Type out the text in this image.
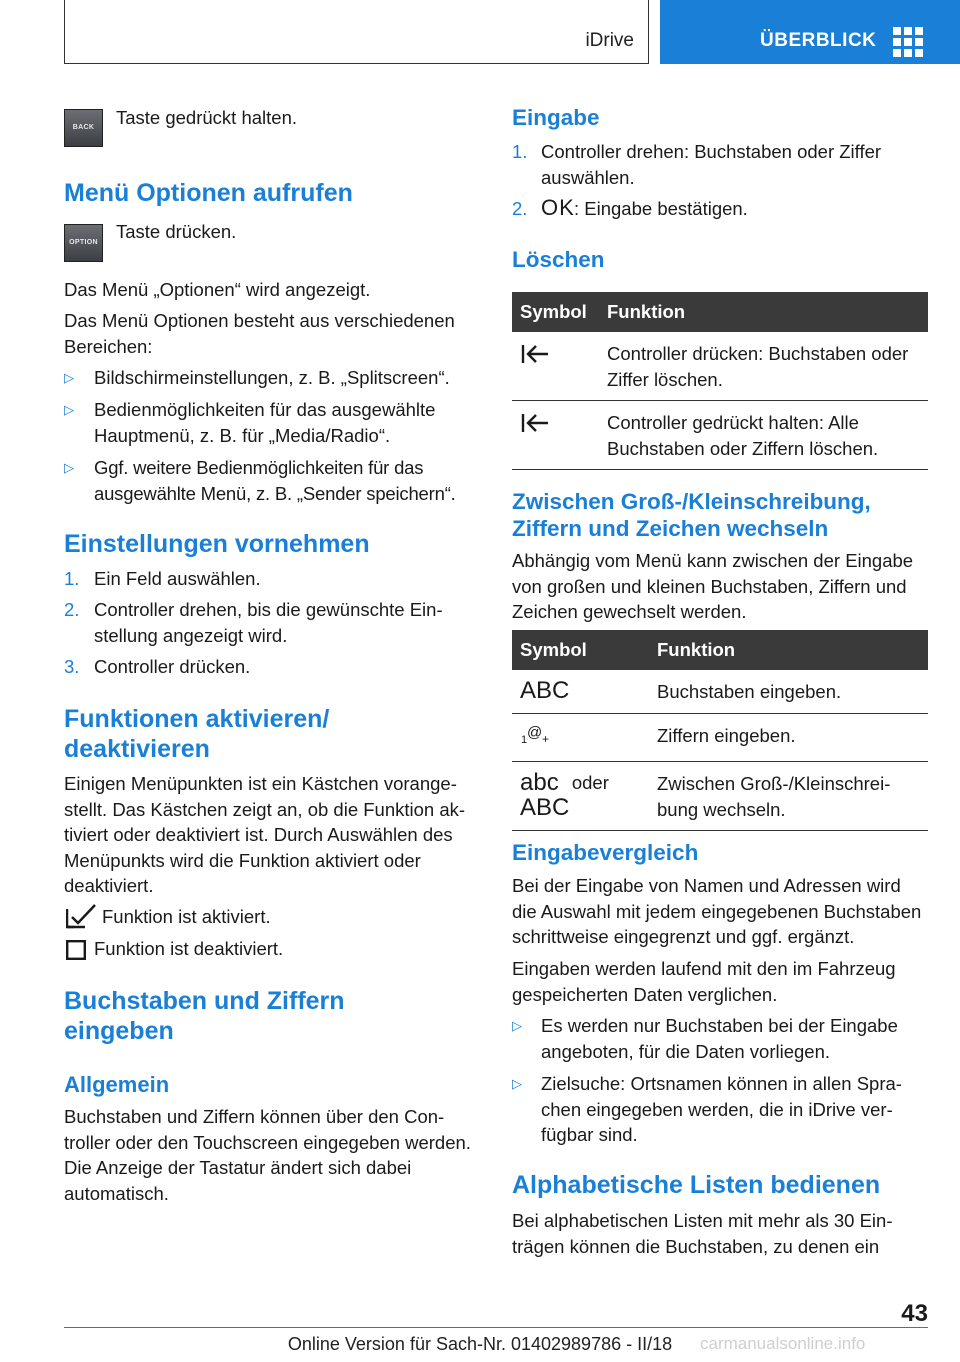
iDrive	ÜBERBLICK
BACK	Taste gedrückt halten.
Menü Optionen aufrufen
OPTION
Taste drücken.
Das Menü „Optionen“ wird angezeigt.
Das Menü Optionen besteht aus verschiedenen Bereichen:
▷ Bildschirmeinstellungen, z. B. „Splitscreen“.
▷ Bedienmöglichkeiten für das ausgewählte Hauptmenü, z. B. für „Media/Radio“.
▷ Ggf. weitere Bedienmöglichkeiten für das ausgewählte Menü, z. B. „Sender speichern“.
Einstellungen vornehmen
1. Ein Feld auswählen.
2. Controller drehen, bis die gewünschte Einstellung angezeigt wird.
3. Controller drücken.
Funktionen aktivieren/ deaktivieren
Einigen Menüpunkten ist ein Kästchen vorangestellt. Das Kästchen zeigt an, ob die Funktion aktiviert oder deaktiviert ist. Durch Auswählen des Menüpunkts wird die Funktion aktiviert oder deaktiviert.
Funktion ist aktiviert.
Funktion ist deaktiviert.
Buchstaben und Ziffern eingeben
Allgemein
Buchstaben und Ziffern können über den Controller oder den Touchscreen eingegeben werden. Die Anzeige der Tastatur ändert sich dabei automatisch.
Eingabe
1. Controller drehen: Buchstaben oder Ziffer auswählen.
2. OK : Eingabe bestätigen.
Löschen
Symbol	Funktion
	Controller drücken: Buchstaben oder Ziffer löschen.
	Controller gedrückt halten: Alle Buchstaben oder Ziffern löschen.
Zwischen Groß-/Kleinschreibung, Ziffern und Zeichen wechseln
Abhängig vom Menü kann zwischen der Eingabe von großen und kleinen Buchstaben, Ziffern und Zeichen gewechselt werden.
Symbol	Funktion
ABC	Buchstaben eingeben.

1 @ +	Ziffern eingeben.
abc oder
ABC	Zwischen Groß-/Kleinschreibung wechseln.
Eingabevergleich
Bei der Eingabe von Namen und Adressen wird die Auswahl mit jedem eingegebenen Buchstaben schrittweise eingegrenzt und ggf. ergänzt.
Eingaben werden laufend mit den im Fahrzeug gespeicherten Daten verglichen.
▷ Es werden nur Buchstaben bei der Eingabe angeboten, für die Daten vorliegen.
▷ Zielsuche: Ortsnamen können in allen Sprachen eingegeben werden, die in iDrive verfügbar sind.
Alphabetische Listen bedienen
Bei alphabetischen Listen mit mehr als 30 Einträgen können die Buchstaben, zu denen ein
43
Online Version für Sach-Nr. 01402989786 - II/18	carmanualsonline.info
